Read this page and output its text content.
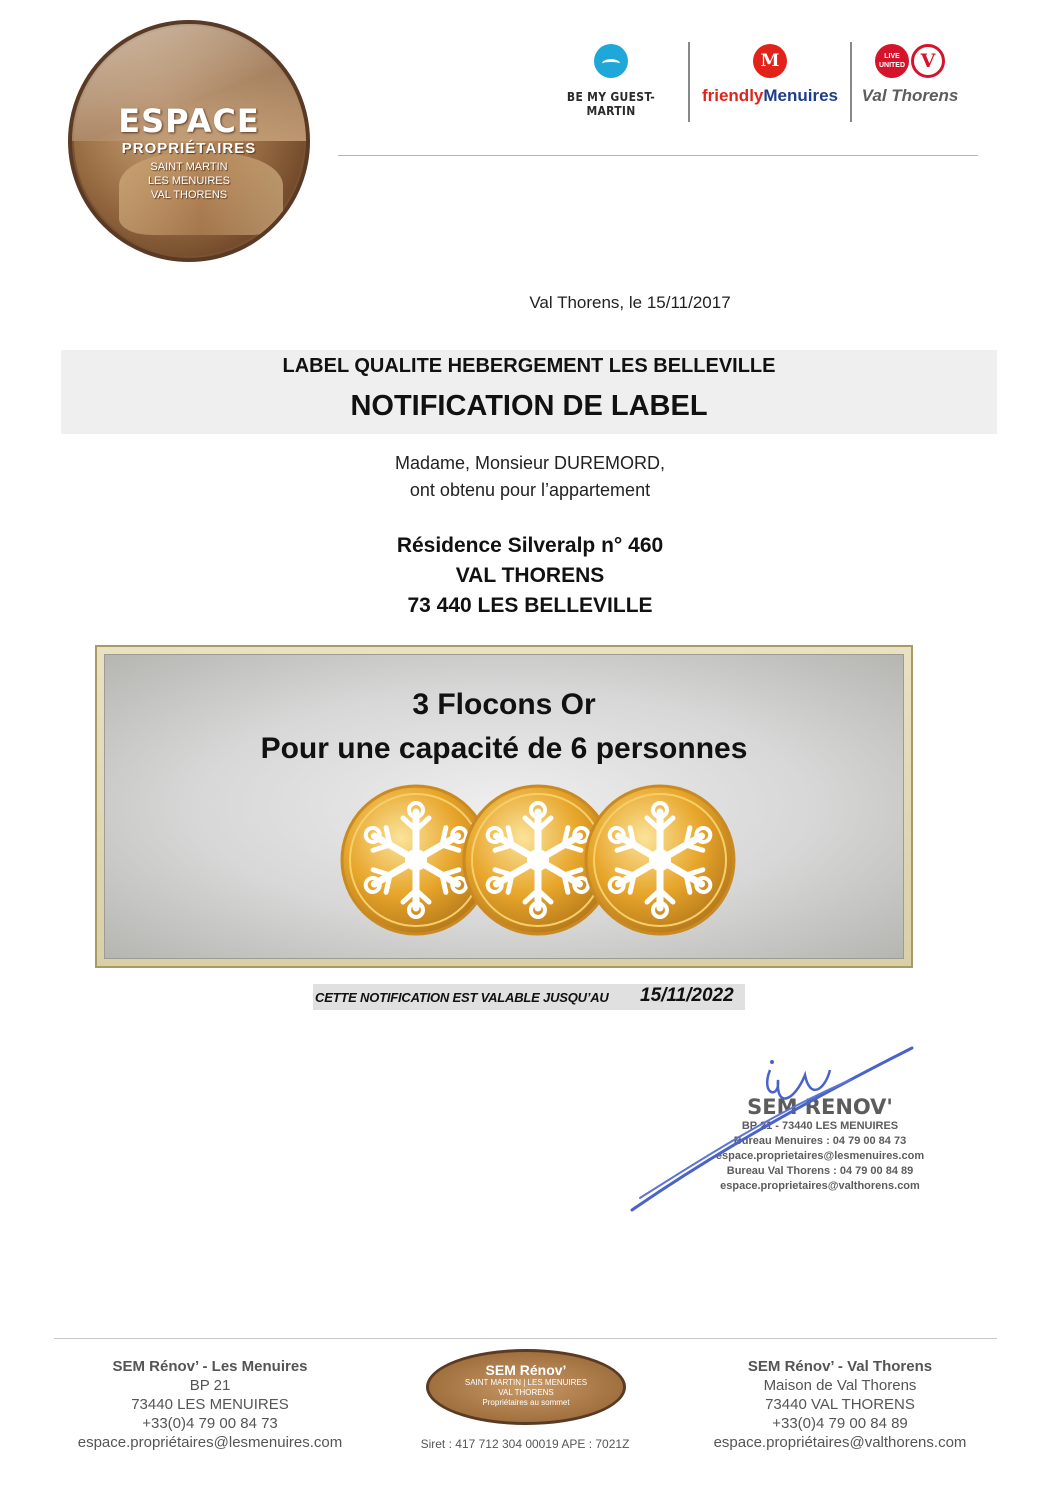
ESPACE
PROPRIÉTAIRES
SAINT MARTIN
LES MENUIRES
VAL THORENS
BE MY GUEST-MARTIN
M
friendlyMenuires
LIVE UNITED V
Val Thorens
Val Thorens, le 15/11/2017
LABEL QUALITE HEBERGEMENT LES BELLEVILLE
NOTIFICATION DE LABEL
Madame, Monsieur DUREMORD,
ont obtenu pour l’appartement
Résidence Silveralp n° 460
VAL THORENS
73 440 LES BELLEVILLE
3 Flocons Or
Pour une capacité de 6 personnes
CETTE NOTIFICATION EST VALABLE JUSQU’AU 15/11/2022
SEM RENOV'
BP 21 - 73440 LES MENUIRES
Bureau Menuires : 04 79 00 84 73
espace.proprietaires@lesmenuires.com
Bureau Val Thorens : 04 79 00 84 89
espace.proprietaires@valthorens.com
SEM Rénov’ - Les Menuires
BP 21
73440 LES MENUIRES
+33(0)4 79 00 84 73
espace.propriétaires@lesmenuires.com
SEM Rénov’
SAINT MARTIN | LES MENUIRES
VAL THORENS
Propriétaires au sommet
Siret : 417 712 304 00019 APE : 7021Z
SEM Rénov’ - Val Thorens
Maison de Val Thorens
73440 VAL THORENS
+33(0)4 79 00 84 89
espace.propriétaires@valthorens.com
